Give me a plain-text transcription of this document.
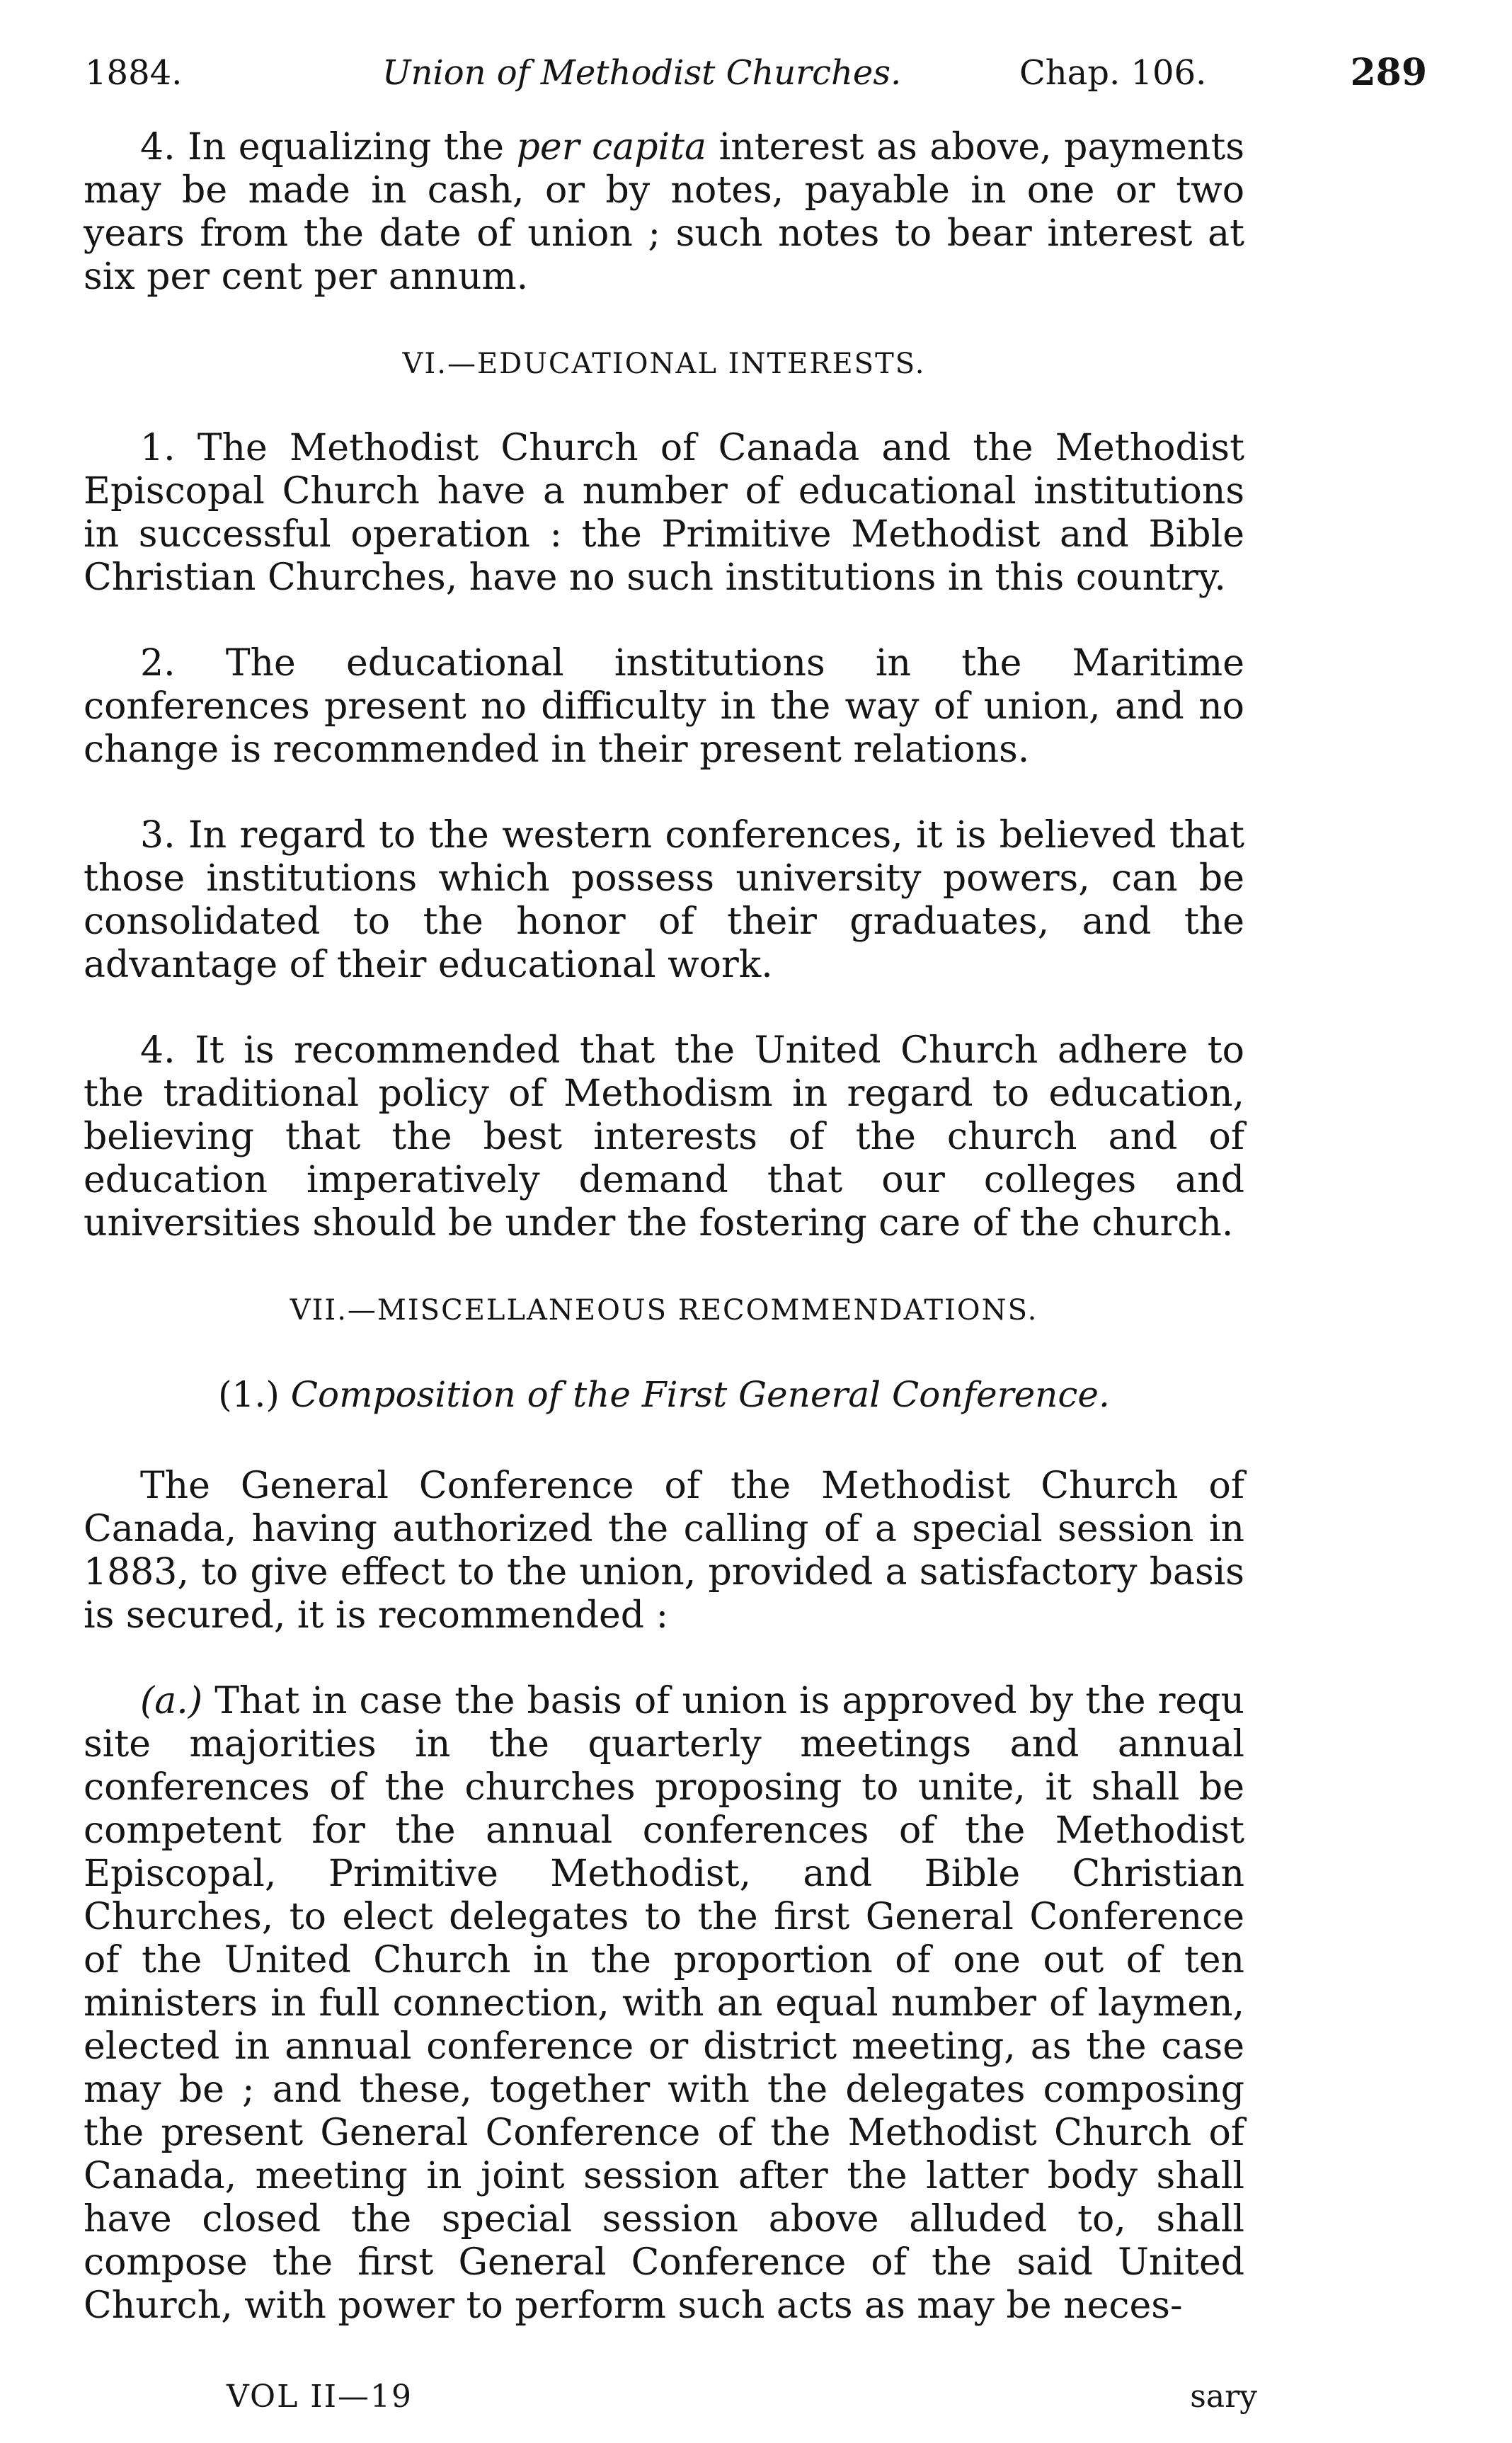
1884.	Union of Methodist Churches.	Chap. 106.	289

4. In equalizing the per capita interest as above, payments may be made in cash, or by notes, payable in one or two years from the date of union ; such notes to bear interest at six per cent per annum.

VI.—EDUCATIONAL INTERESTS.

1. The Methodist Church of Canada and the Methodist Episcopal Church have a number of educational institutions in successful operation : the Primitive Methodist and Bible Christian Churches, have no such institutions in this country.

2. The educational institutions in the Maritime conferences present no difficulty in the way of union, and no change is recommended in their present relations.

3. In regard to the western conferences, it is believed that those institutions which possess university powers, can be consolidated to the honor of their graduates, and the advantage of their educational work.

4. It is recommended that the United Church adhere to the traditional policy of Methodism in regard to education, believing that the best interests of the church and of education imperatively demand that our colleges and universities should be under the fostering care of the church.

VII.—MISCELLANEOUS RECOMMENDATIONS.
(1.) Composition of the First General Conference.

The General Conference of the Methodist Church of Canada, having authorized the calling of a special session in 1883, to give effect to the union, provided a satisfactory basis is secured, it is recommended :

(a.) That in case the basis of union is approved by the requ site majorities in the quarterly meetings and annual conferences of the churches proposing to unite, it shall be competent for the annual conferences of the Methodist Episcopal, Primitive Methodist, and Bible Christian Churches, to elect delegates to the first General Conference of the United Church in the proportion of one out of ten ministers in full connection, with an equal number of laymen, elected in annual conference or district meeting, as the case may be ; and these, together with the delegates composing the present General Conference of the Methodist Church of Canada, meeting in joint session after the latter body shall have closed the special session above alluded to, shall compose the first General Conference of the said United Church, with power to perform such acts as may be neces-

VOL II—19	sary
